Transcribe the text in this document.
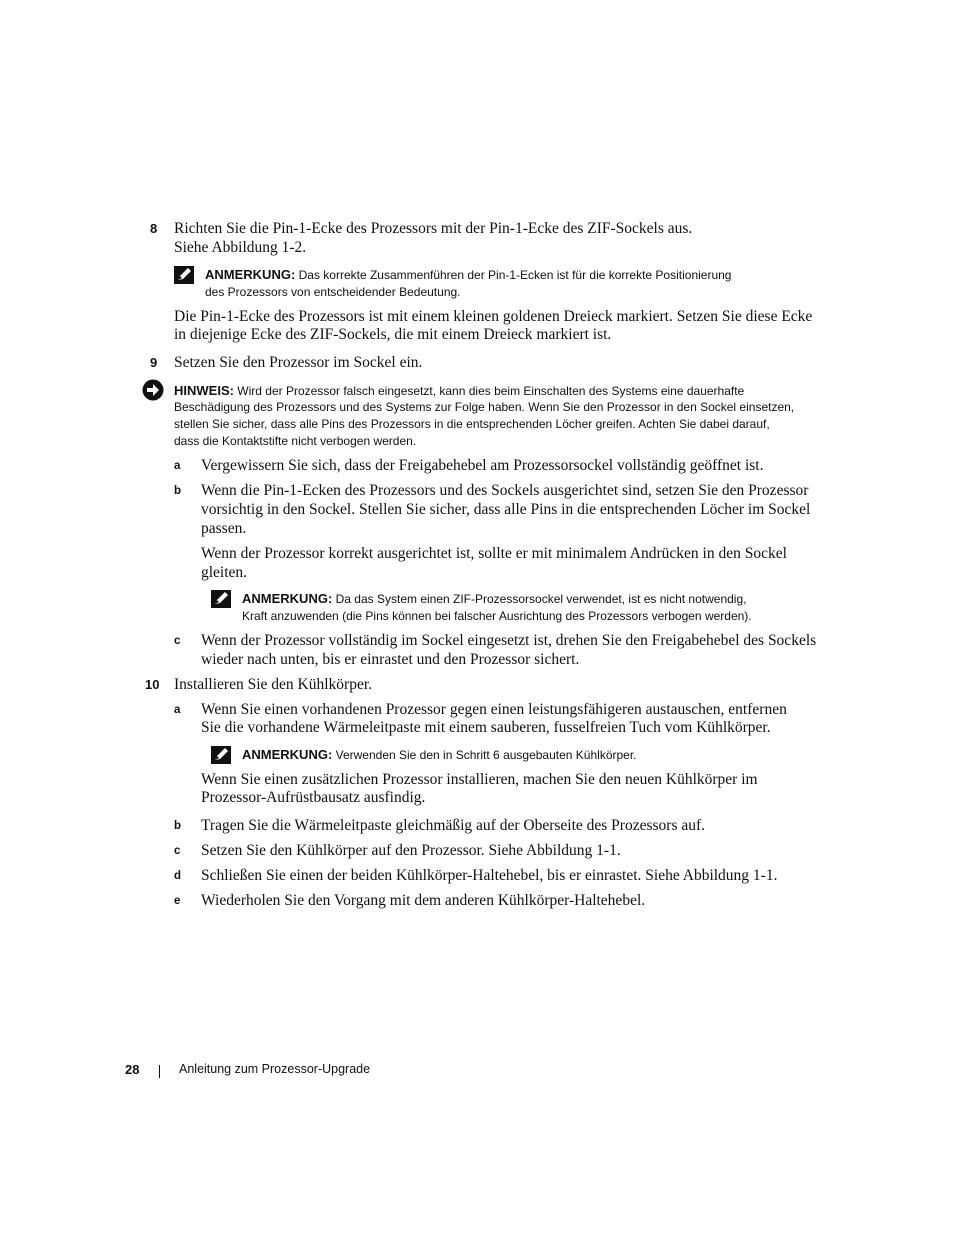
8 Richten Sie die Pin-1-Ecke des Prozessors mit der Pin-1-Ecke des ZIF-Sockels aus.
Siehe Abbildung 1-2.
ANMERKUNG: Das korrekte Zusammenführen der Pin-1-Ecken ist für die korrekte Positionierung
des Prozessors von entscheidender Bedeutung.
Die Pin-1-Ecke des Prozessors ist mit einem kleinen goldenen Dreieck markiert. Setzen Sie diese Ecke
in diejenige Ecke des ZIF-Sockels, die mit einem Dreieck markiert ist.
9 Setzen Sie den Prozessor im Sockel ein.
HINWEIS: Wird der Prozessor falsch eingesetzt, kann dies beim Einschalten des Systems eine dauerhafte
Beschädigung des Prozessors und des Systems zur Folge haben. Wenn Sie den Prozessor in den Sockel einsetzen,
stellen Sie sicher, dass alle Pins des Prozessors in die entsprechenden Löcher greifen. Achten Sie dabei darauf,
dass die Kontaktstifte nicht verbogen werden.
a Vergewissern Sie sich, dass der Freigabehebel am Prozessorsockel vollständig geöffnet ist.
b Wenn die Pin-1-Ecken des Prozessors und des Sockels ausgerichtet sind, setzen Sie den Prozessor
vorsichtig in den Sockel. Stellen Sie sicher, dass alle Pins in die entsprechenden Löcher im Sockel
passen.
Wenn der Prozessor korrekt ausgerichtet ist, sollte er mit minimalem Andrücken in den Sockel
gleiten.
ANMERKUNG: Da das System einen ZIF-Prozessorsockel verwendet, ist es nicht notwendig,
Kraft anzuwenden (die Pins können bei falscher Ausrichtung des Prozessors verbogen werden).
c Wenn der Prozessor vollständig im Sockel eingesetzt ist, drehen Sie den Freigabehebel des Sockels
wieder nach unten, bis er einrastet und den Prozessor sichert.
10 Installieren Sie den Kühlkörper.
a Wenn Sie einen vorhandenen Prozessor gegen einen leistungsfähigeren austauschen, entfernen
Sie die vorhandene Wärmeleitpaste mit einem sauberen, fusselfreien Tuch vom Kühlkörper.
ANMERKUNG: Verwenden Sie den in Schritt 6 ausgebauten Kühlkörper.
Wenn Sie einen zusätzlichen Prozessor installieren, machen Sie den neuen Kühlkörper im
Prozessor-Aufrüstbausatz ausfindig.
b Tragen Sie die Wärmeleitpaste gleichmäßig auf der Oberseite des Prozessors auf.
c Setzen Sie den Kühlkörper auf den Prozessor. Siehe Abbildung 1-1.
d Schließen Sie einen der beiden Kühlkörper-Haltehebel, bis er einrastet. Siehe Abbildung 1-1.
e Wiederholen Sie den Vorgang mit dem anderen Kühlkörper-Haltehebel.
28	Anleitung zum Prozessor-Upgrade
